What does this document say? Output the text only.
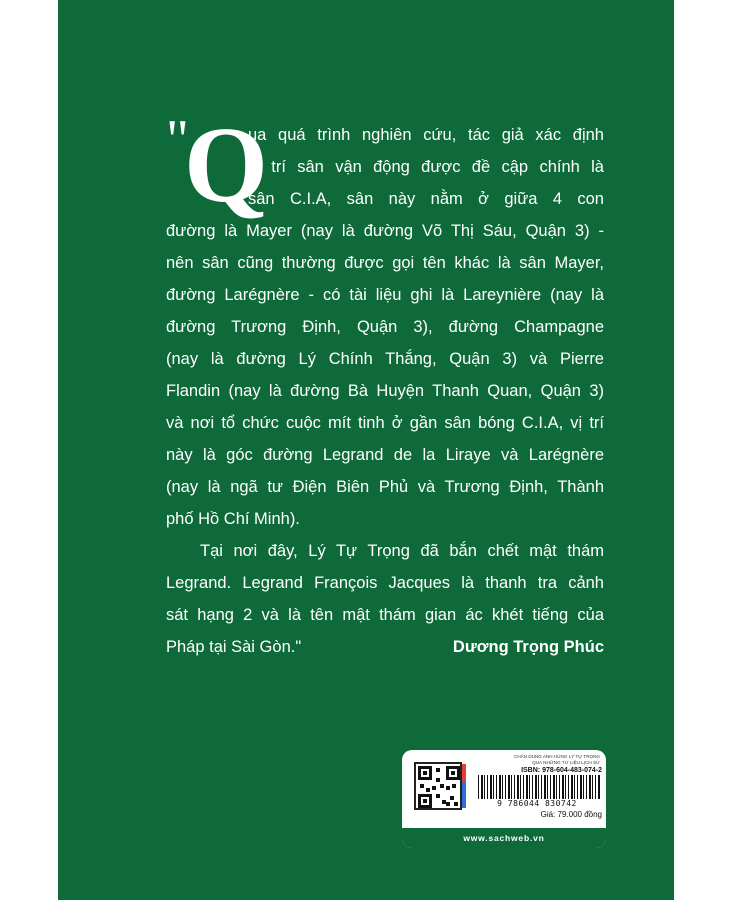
"
Q
ua quá trình nghiên cứu, tác giả xác định
vị trí sân vận động được đề cập chính là
sân C.I.A, sân này nằm ở giữa 4 con
đường là Mayer (nay là đường Võ Thị Sáu, Quận 3) -
nên sân cũng thường được gọi tên khác là sân Mayer,
đường Larégnère - có tài liệu ghi là Lareynière (nay là
đường Trương Định, Quận 3), đường Champagne
(nay là đường Lý Chính Thắng, Quận 3) và Pierre
Flandin (nay là đường Bà Huyện Thanh Quan, Quận 3)
và nơi tổ chức cuộc mít tinh ở gần sân bóng C.I.A, vị trí
này là góc đường Legrand de la Liraye và Larégnère
(nay là ngã tư Điện Biên Phủ và Trương Định, Thành
phố Hồ Chí Minh).
Tại nơi đây, Lý Tự Trọng đã bắn chết mật thám
Legrand. Legrand François Jacques là thanh tra cảnh
sát hạng 2 và là tên mật thám gian ác khét tiếng của
Pháp tại Sài Gòn."	Dương Trọng Phúc
CHÂN DUNG ANH HÙNG LÝ TỰ TRỌNG
QUA NHỮNG TƯ LIỆU LỊCH SỬ
ISBN: 978-604-483-074-2
9 786044 830742
Giá: 79.000 đồng
www.sachweb.vn
